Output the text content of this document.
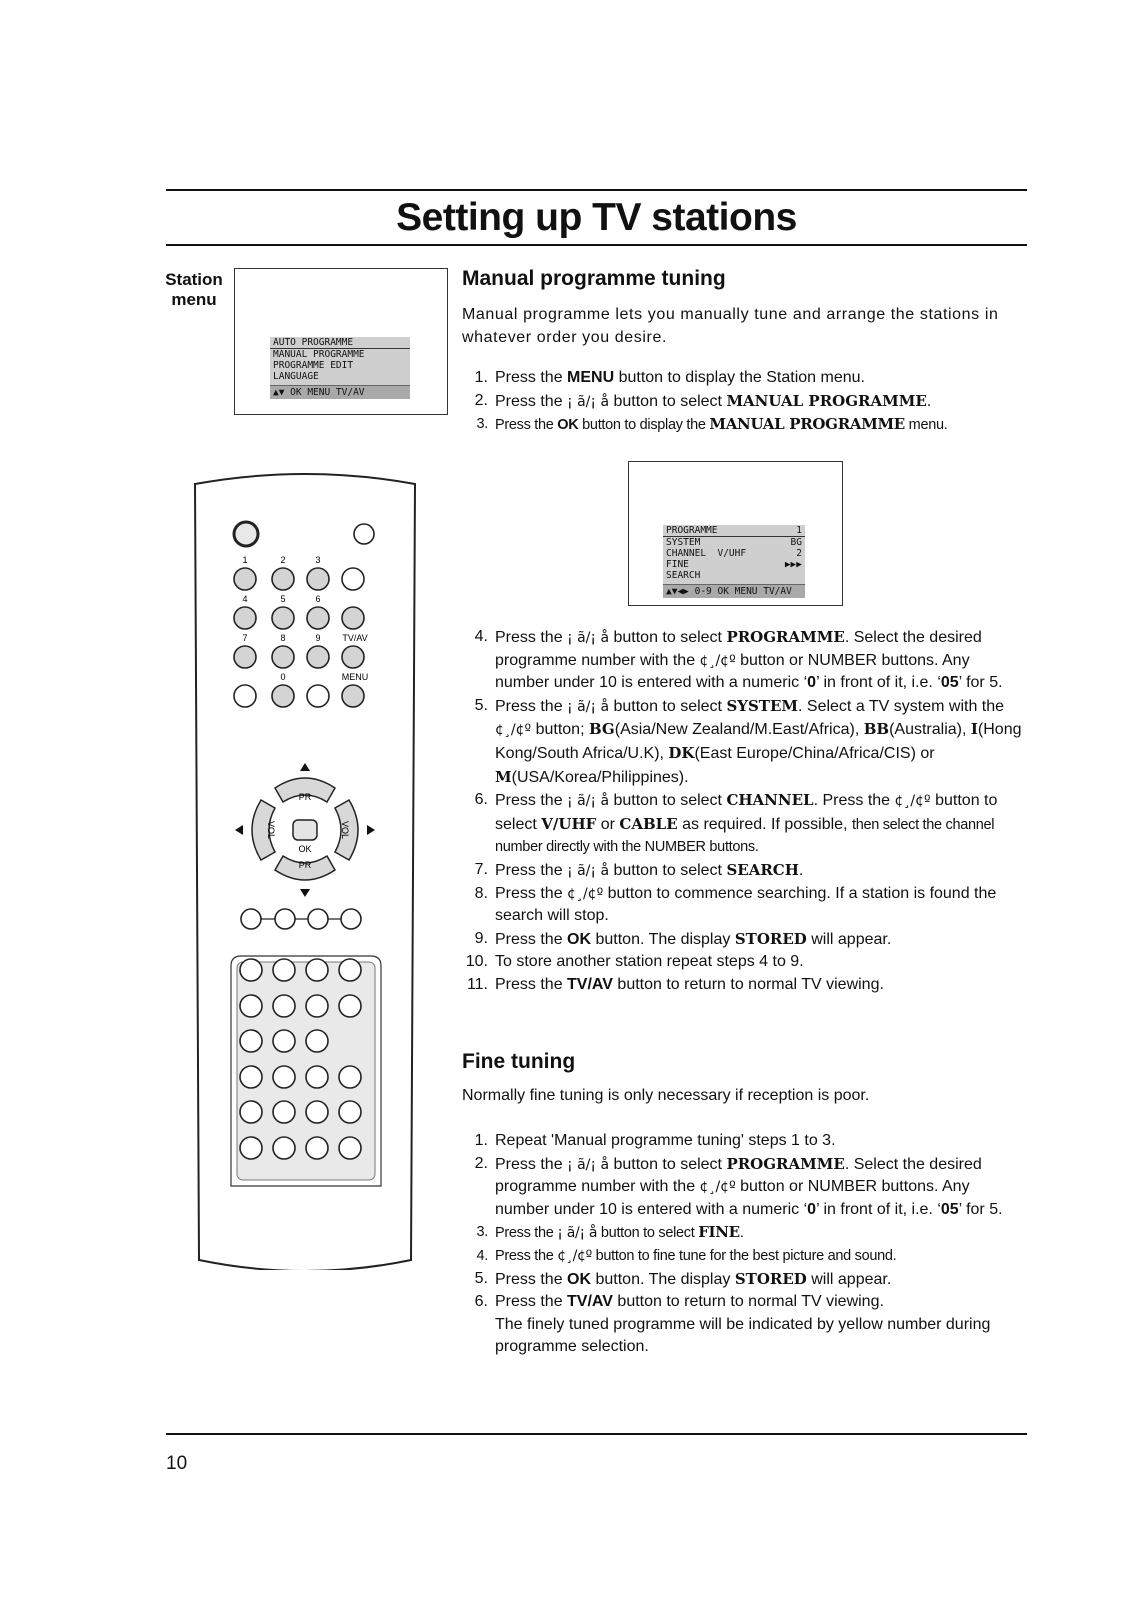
Setting up TV stations
Station
menu
AUTO PROGRAMME
MANUAL PROGRAMME
PROGRAMME EDIT
LANGUAGE
▲▼ OK MENU TV/AV
Manual programme tuning

Manual programme lets you manually tune and arrange the stations in whatever order you desire.

1. Press the MENU button to display the Station menu.
2. Press the ¡ ã/¡ å button to select MANUAL PROGRAMME.
3. Press the OK button to display the MANUAL PROGRAMME menu.
PROGRAMME	1
SYSTEM	BG
CHANNEL  V/UHF	2
FINE	▶▶▶
SEARCH
▲▼◀▶ 0-9 OK MENU TV/AV
4. Press the ¡ ã/¡ å button to select PROGRAMME. Select the desired programme number with the ¢¸/¢º button or NUMBER buttons. Any number under 10 is entered with a numeric ‘0’ in front of it, i.e. ‘05’ for 5.
5. Press the ¡ ã/¡ å button to select SYSTEM. Select a TV system with the ¢¸/¢º button; BG(Asia/New Zealand/M.East/Africa), BB(Australia), I(Hong Kong/South Africa/U.K), DK(East Europe/China/Africa/CIS) or M(USA/Korea/Philippines).
6. Press the ¡ ã/¡ å button to select CHANNEL. Press the ¢¸/¢º button to select V/UHF or CABLE as required. If possible, then select the channel number directly with the NUMBER buttons.
7. Press the ¡ ã/¡ å button to select SEARCH.
8. Press the ¢¸/¢º button to commence searching. If a station is found the search will stop.
9. Press the OK button. The display STORED will appear.
10. To store another station repeat steps 4 to 9.
11. Press the TV/AV button to return to normal TV viewing.
Fine tuning

Normally fine tuning is only necessary if reception is poor.

1. Repeat 'Manual programme tuning' steps 1 to 3.
2. Press the ¡ ã/¡ å button to select PROGRAMME. Select the desired programme number with the ¢¸/¢º button or NUMBER buttons. Any number under 10 is entered with a numeric ‘0’ in front of it, i.e. ‘05’ for 5.
3. Press the ¡ ã/¡ å button to select FINE.
4. Press the ¢¸/¢º button to fine tune for the best picture and sound.
5. Press the OK button. The display STORED will appear.
6. Press the TV/AV button to return to normal TV viewing.
The finely tuned programme will be indicated by yellow number during programme selection.
10
1	2	3
4	5	6
7	8	9 TV/AV
0	MENU
PR
PR
OK
VOL	VOL
